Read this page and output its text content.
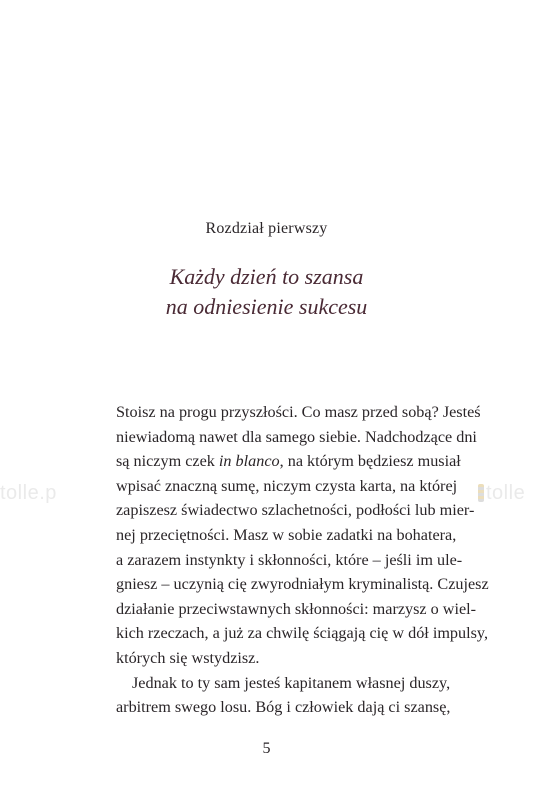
tolle.p	tolle
Rozdział pierwszy
Każdy dzień to szansa
na odniesienie sukcesu
Stoisz na progu przyszłości. Co masz przed sobą? Jesteś
niewiadomą nawet dla samego siebie. Nadchodzące dni
są niczym czek in blanco, na którym będziesz musiał
wpisać znaczną sumę, niczym czysta karta, na której
zapiszesz świadectwo szlachetności, podłości lub mier-
nej przeciętności. Masz w sobie zadatki na bohatera,
a zarazem instynkty i skłonności, które – jeśli im ule-
gniesz – uczynią cię zwyrodniałym kryminalistą. Czujesz
działanie przeciwstawnych skłonności: marzysz o wiel-
kich rzeczach, a już za chwilę ściągają cię w dół impulsy,
których się wstydzisz.
Jednak to ty sam jesteś kapitanem własnej duszy,
arbitrem swego losu. Bóg i człowiek dają ci szansę,
5
